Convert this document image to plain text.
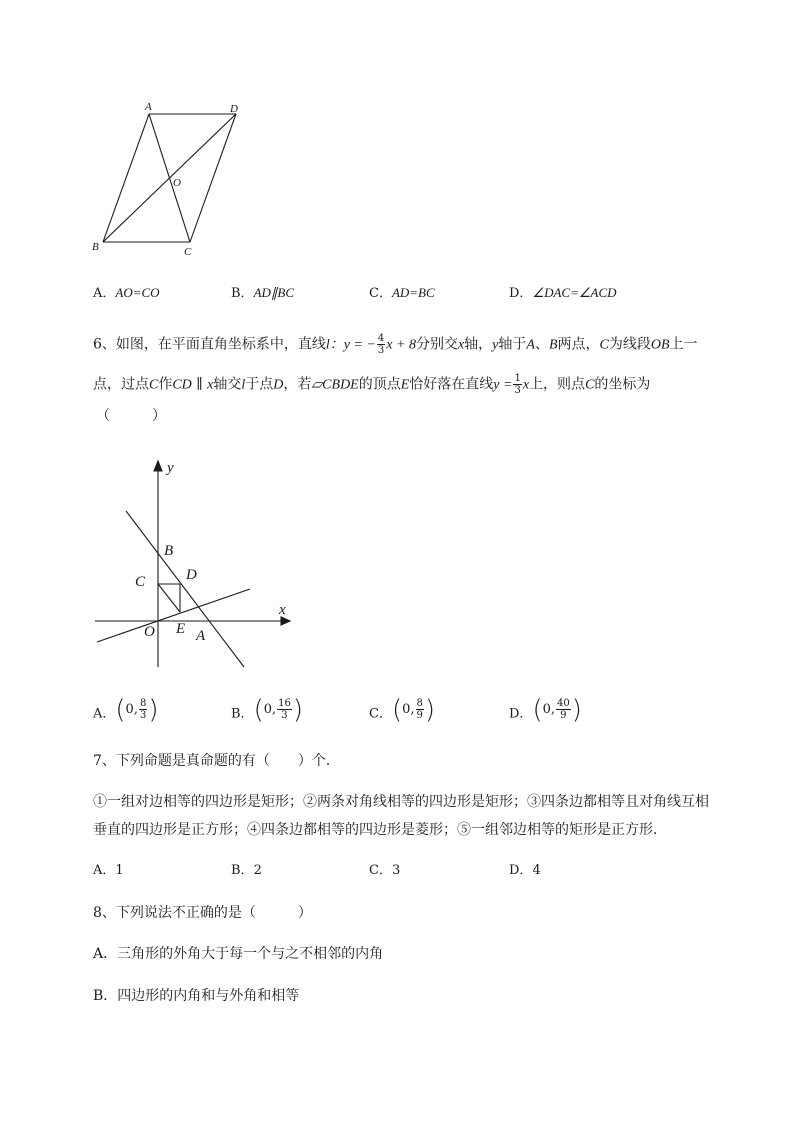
A	D
O
B	C
A．AO=CO	B．AD∥BC	C．AD=BC	D．∠DAC=∠ACD
6、如图，在平面直角坐标系中，直线l：y = − $\frac{4}{3}$ x + 8分别交x轴，y轴于A、B两点，C为线段OB上一
点，过点C作CD ∥ x轴交l于点D，若▱CBDE的顶点E恰好落在直线$y = \frac{1}{3}$ x上，则点C的坐标为
（　　　）
y
x
B
C	D
O E A
A． ( 0, $\frac{8}{3}$ )	B． ( 0, $\frac{16}{3}$ )	C． ( 0, $\frac{8}{9}$ )	D． ( 0, $\frac{40}{9}$ )
7、下列命题是真命题的有（　　）个．
①一组对边相等的四边形是矩形；②两条对角线相等的四边形是矩形；③四条边都相等且对角线互相
垂直的四边形是正方形；④四条边都相等的四边形是菱形；⑤一组邻边相等的矩形是正方形．
A．1	B．2	C．3	D．4
8、下列说法不正确的是（　　　）
A．三角形的外角大于每一个与之不相邻的内角
B．四边形的内角和与外角和相等
